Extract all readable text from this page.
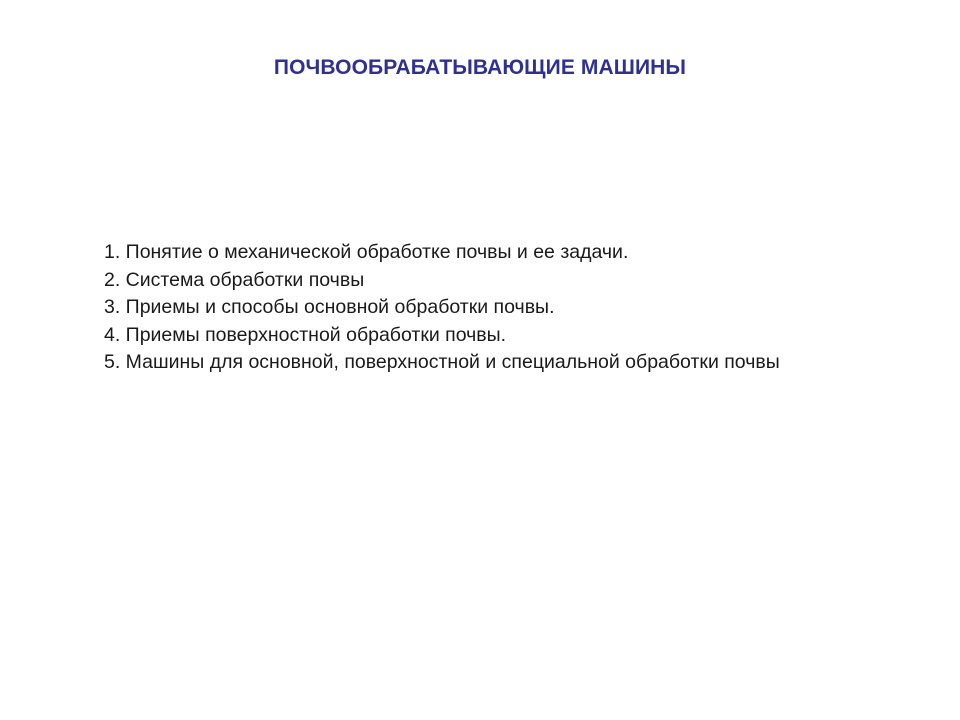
ПОЧВООБРАБАТЫВАЮЩИЕ МАШИНЫ
1. Понятие о механической обработке почвы и ее задачи.
2. Система обработки почвы
3. Приемы и способы основной обработки почвы.
4. Приемы поверхностной обработки почвы.
5. Машины для основной, поверхностной и специальной обработки почвы
